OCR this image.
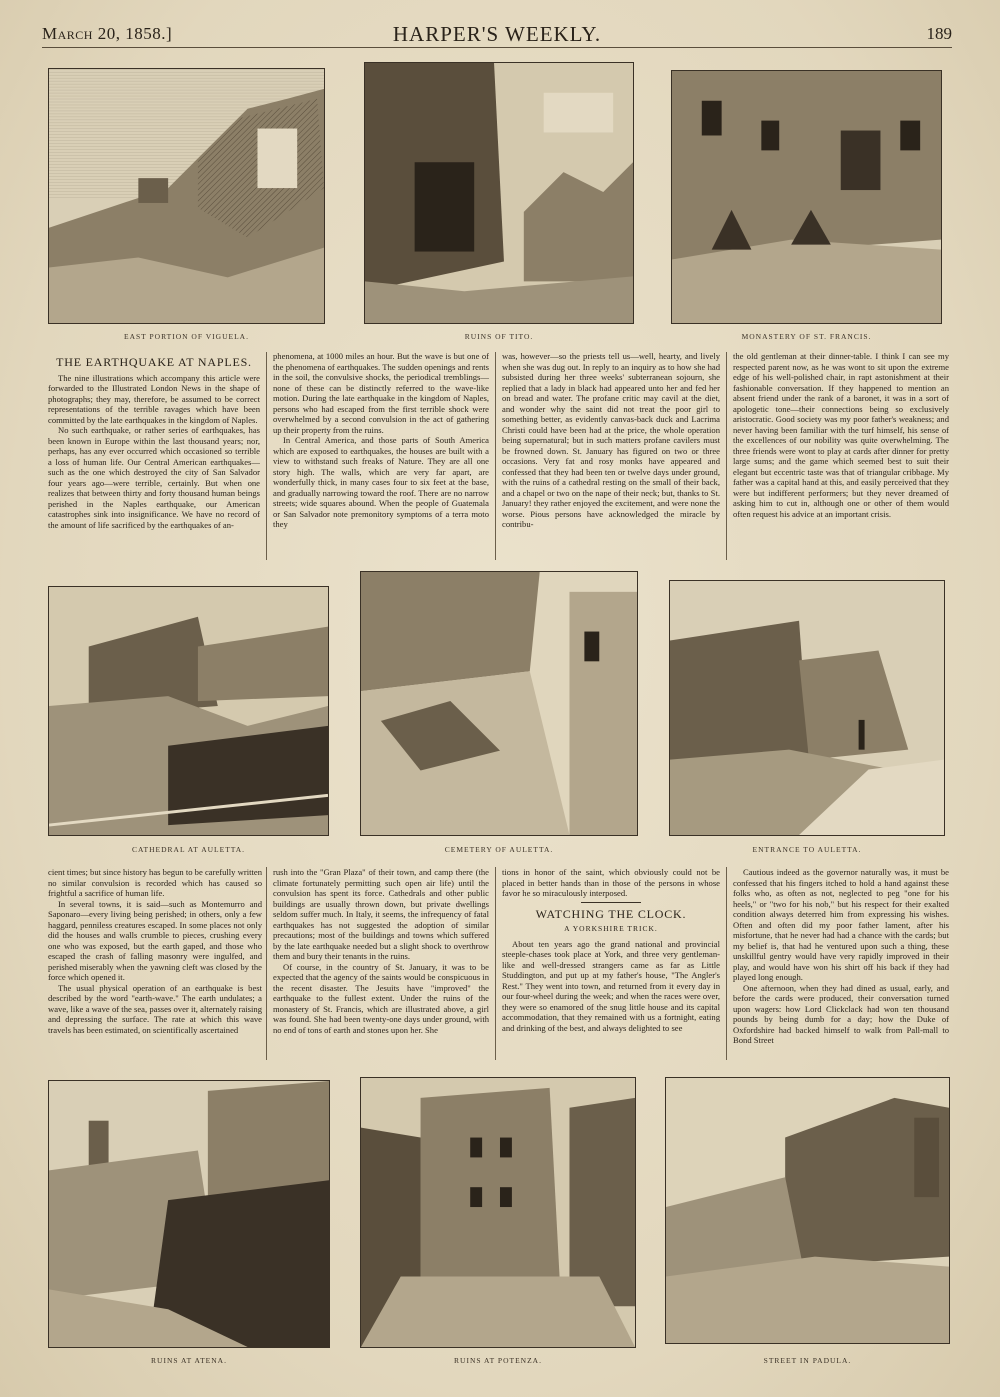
March 20, 1858.]	HARPER'S WEEKLY.	189
EAST PORTION OF VIGUELA.	RUINS OF TITO.	MONASTERY OF ST. FRANCIS.
THE EARTHQUAKE AT NAPLES.

The nine illustrations which accompany this article were forwarded to the Illustrated London News in the shape of photographs; they may, therefore, be assumed to be correct representations of the terrible ravages which have been committed by the late earthquakes in the kingdom of Naples.

No such earthquake, or rather series of earthquakes, has been known in Europe within the last thousand years; nor, perhaps, has any ever occurred which occasioned so terrible a loss of human life. Our Central American earthquakes—such as the one which destroyed the city of San Salvador four years ago—were terrible, certainly. But when one realizes that between thirty and forty thousand human beings perished in the Naples earthquake, our American catastrophes sink into insignificance. We have no record of the amount of life sacrificed by the earthquakes of an-

phenomena, at 1000 miles an hour. But the wave is but one of the phenomena of earthquakes. The sudden openings and rents in the soil, the convulsive shocks, the periodical tremblings—none of these can be distinctly referred to the wave-like motion. During the late earthquake in the kingdom of Naples, persons who had escaped from the first terrible shock were overwhelmed by a second convulsion in the act of gathering up their property from the ruins.

In Central America, and those parts of South America which are exposed to earthquakes, the houses are built with a view to withstand such freaks of Nature. They are all one story high. The walls, which are very far apart, are wonderfully thick, in many cases four to six feet at the base, and gradually narrowing toward the roof. There are no narrow streets; wide squares abound. When the people of Guatemala or San Salvador note premonitory symptoms of a terra moto they

was, however—so the priests tell us—well, hearty, and lively when she was dug out. In reply to an inquiry as to how she had subsisted during her three weeks' subterranean sojourn, she replied that a lady in black had appeared unto her and fed her on bread and water. The profane critic may cavil at the diet, and wonder why the saint did not treat the poor girl to something better, as evidently canvas-back duck and Lacrima Christi could have been had at the price, the whole operation being supernatural; but in such matters profane cavilers must be frowned down. St. January has figured on two or three occasions. Very fat and rosy monks have appeared and confessed that they had been ten or twelve days under ground, with the ruins of a cathedral resting on the small of their back, and a chapel or two on the nape of their neck; but, thanks to St. January! they rather enjoyed the excitement, and were none the worse. Pious persons have acknowledged the miracle by contribu-

the old gentleman at their dinner-table. I think I can see my respected parent now, as he was wont to sit upon the extreme edge of his well-polished chair, in rapt astonishment at their fashionable conversation. If they happened to mention an absent friend under the rank of a baronet, it was in a sort of apologetic tone—their connections being so exclusively aristocratic. Good society was my poor father's weakness; and never having been familiar with the turf himself, his sense of the excellences of our nobility was quite overwhelming. The three friends were wont to play at cards after dinner for pretty large sums; and the game which seemed best to suit their elegant but eccentric taste was that of triangular cribbage. My father was a capital hand at this, and easily perceived that they were but indifferent performers; but they never dreamed of asking him to cut in, although one or other of them would often request his advice at an important crisis.

CATHEDRAL AT AULETTA.	CEMETERY OF AULETTA.	ENTRANCE TO AULETTA.

cient times; but since history has begun to be carefully written no similar convulsion is recorded which has caused so frightful a sacrifice of human life.

In several towns, it is said—such as Montemurro and Saponaro—every living being perished; in others, only a few haggard, penniless creatures escaped. In some places not only did the houses and walls crumble to pieces, crushing every one who was exposed, but the earth gaped, and those who escaped the crash of falling masonry were ingulfed, and perished miserably when the yawning cleft was closed by the force which opened it.

The usual physical operation of an earthquake is best described by the word "earth-wave." The earth undulates; a wave, like a wave of the sea, passes over it, alternately raising and depressing the surface. The rate at which this wave travels has been estimated, on scientifically ascertained

rush into the "Gran Plaza" of their town, and camp there (the climate fortunately permitting such open air life) until the convulsion has spent its force. Cathedrals and other public buildings are usually thrown down, but private dwellings seldom suffer much. In Italy, it seems, the infrequency of fatal earthquakes has not suggested the adoption of similar precautions; most of the buildings and towns which suffered by the late earthquake needed but a slight shock to overthrow them and bury their tenants in the ruins.

Of course, in the country of St. January, it was to be expected that the agency of the saints would be conspicuous in the recent disaster. The Jesuits have "improved" the earthquake to the fullest extent. Under the ruins of the monastery of St. Francis, which are illustrated above, a girl was found. She had been twenty-one days under ground, with no end of tons of earth and stones upon her. She

tions in honor of the saint, which obviously could not be placed in better hands than in those of the persons in whose favor he so miraculously interposed.

WATCHING THE CLOCK.
A YORKSHIRE TRICK.

About ten years ago the grand national and provincial steeple-chases took place at York, and three very gentleman-like and well-dressed strangers came as far as Little Studdington, and put up at my father's house, "The Angler's Rest." They went into town, and returned from it every day in our four-wheel during the week; and when the races were over, they were so enamored of the snug little house and its capital accommodation, that they remained with us a fortnight, eating and drinking of the best, and always delighted to see

Cautious indeed as the governor naturally was, it must be confessed that his fingers itched to hold a hand against these folks who, as often as not, neglected to peg "one for his heels," or "two for his nob," but his respect for their exalted condition always deterred him from expressing his wishes. Often and often did my poor father lament, after his misfortune, that he never had had a chance with the cards; but my belief is, that had he ventured upon such a thing, these unskillful gentry would have very rapidly improved in their play, and would have won his shirt off his back if they had played long enough.

One afternoon, when they had dined as usual, early, and before the cards were produced, their conversation turned upon wagers: how Lord Clickclack had won ten thousand pounds by being dumb for a day; how the Duke of Oxfordshire had backed himself to walk from Pall-mall to Bond Street

RUINS AT ATENA.	RUINS AT POTENZA.	STREET IN PADULA.
